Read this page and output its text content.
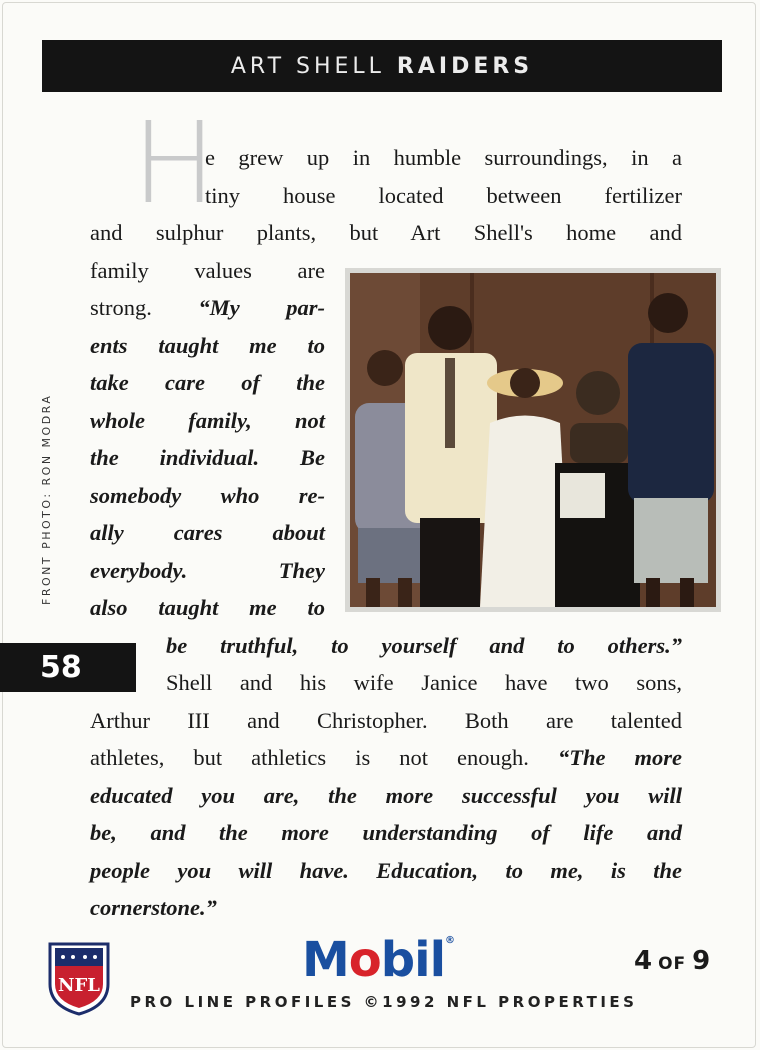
ART SHELL RAIDERS
H
e grew up in humble surroundings, in a
tiny house located between fertilizer
and sulphur plants, but Art Shell's home and
family values are
strong. “My par-
ents taught me to
take care of the
whole family, not
the individual. Be
somebody who re-
ally cares about
everybody. They
also taught me to
be truthful, to yourself and to others.”
Shell and his wife Janice have two sons,
Arthur III and Christopher. Both are talented
athletes, but athletics is not enough. “The more
educated you are, the more successful you will
be, and the more understanding of life and
people you will have. Education, to me, is the
cornerstone.”
FRONT PHOTO: RON MODRA
58
NFL	Mobil®
4 OF 9
PRO LINE PROFILES ©1992 NFL PROPERTIES
